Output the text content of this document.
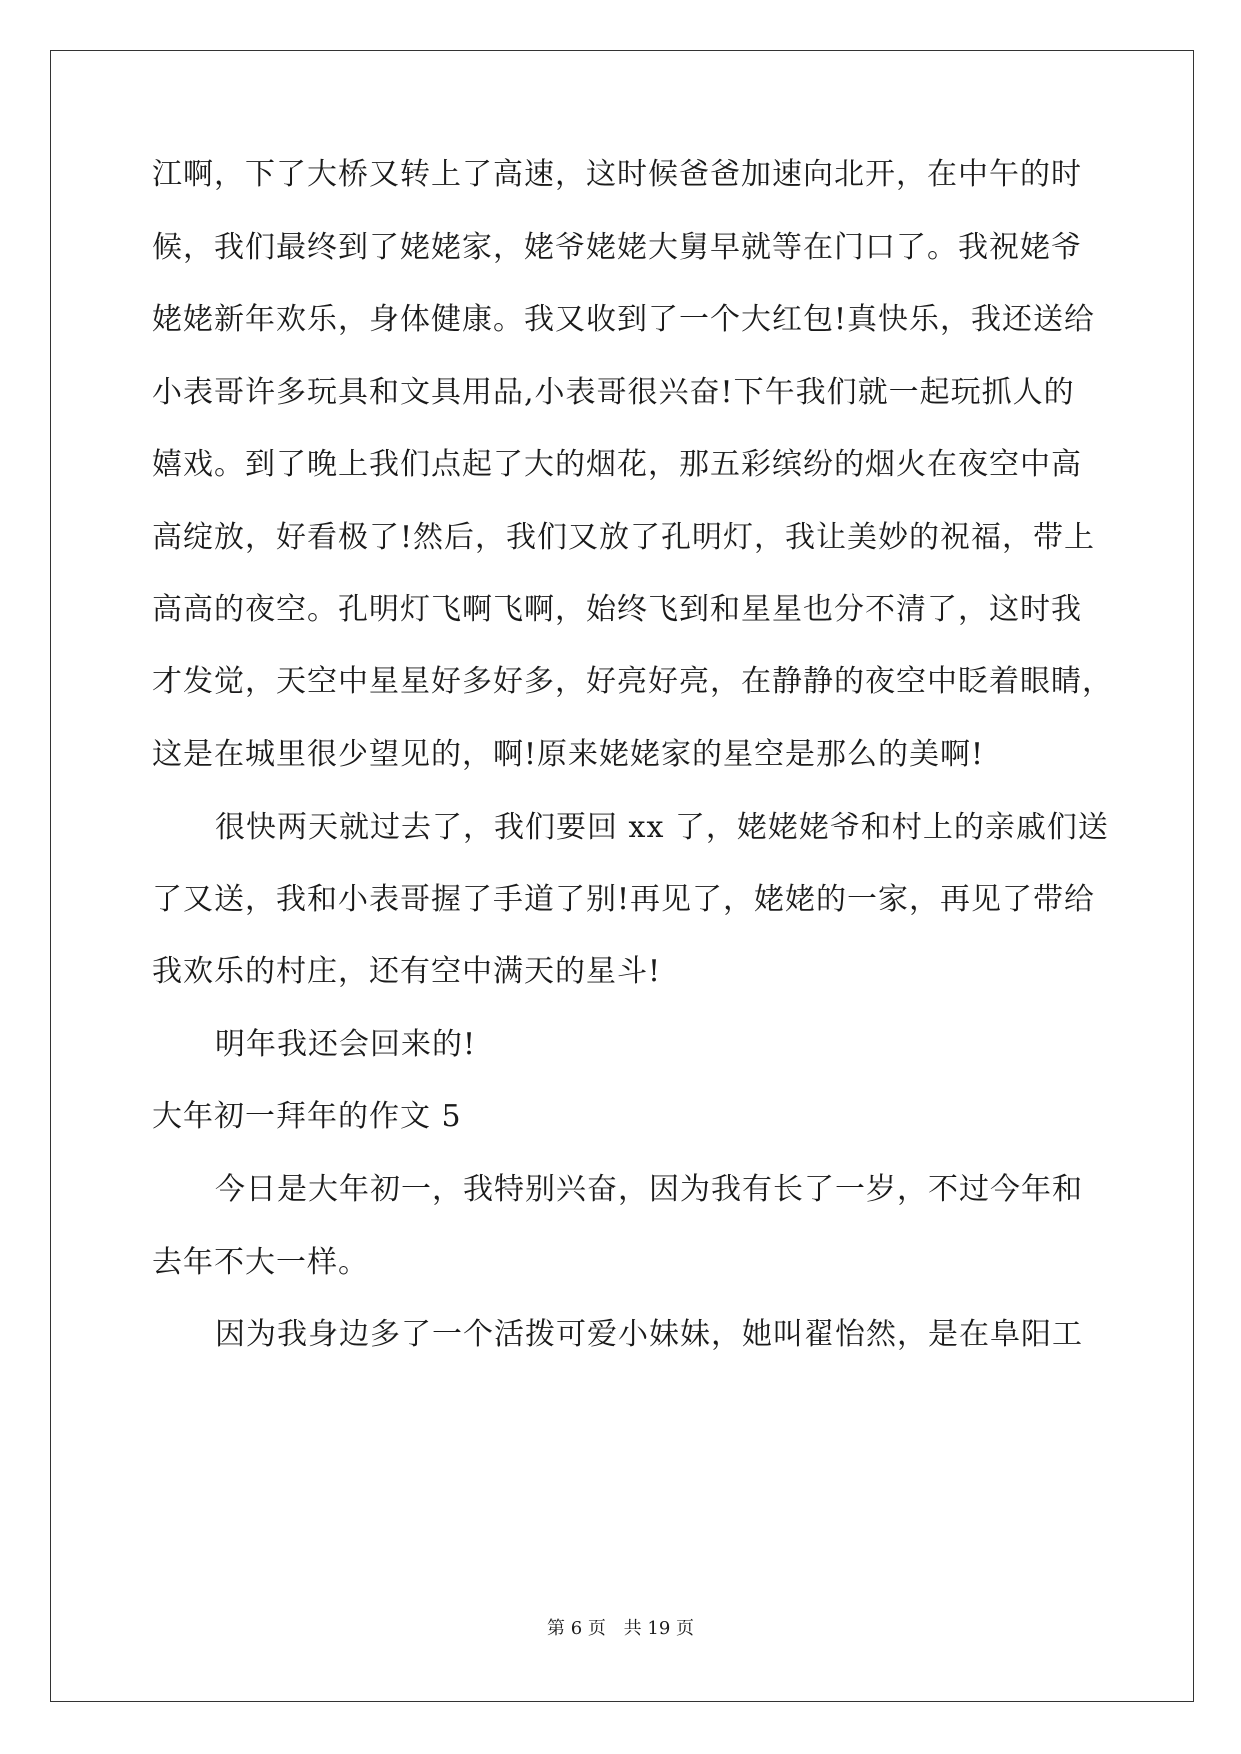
江啊，下了大桥又转上了高速，这时候爸爸加速向北开，在中午的时
候，我们最终到了姥姥家，姥爷姥姥大舅早就等在门口了。我祝姥爷
姥姥新年欢乐，身体健康。我又收到了一个大红包!真快乐，我还送给
小表哥许多玩具和文具用品,小表哥很兴奋!下午我们就一起玩抓人的
嬉戏。到了晚上我们点起了大的烟花，那五彩缤纷的烟火在夜空中高
高绽放，好看极了!然后，我们又放了孔明灯，我让美妙的祝福，带上
高高的夜空。孔明灯飞啊飞啊，始终飞到和星星也分不清了，这时我
才发觉，天空中星星好多好多，好亮好亮，在静静的夜空中眨着眼睛，
这是在城里很少望见的，啊!原来姥姥家的星空是那么的美啊!
很快两天就过去了，我们要回 xx 了，姥姥姥爷和村上的亲戚们送
了又送，我和小表哥握了手道了别!再见了，姥姥的一家，再见了带给
我欢乐的村庄，还有空中满天的星斗!
明年我还会回来的!
大年初一拜年的作文 5
今日是大年初一，我特别兴奋，因为我有长了一岁，不过今年和
去年不大一样。
因为我身边多了一个活拨可爱小妹妹，她叫翟怡然，是在阜阳工
第 6 页 共 19 页
